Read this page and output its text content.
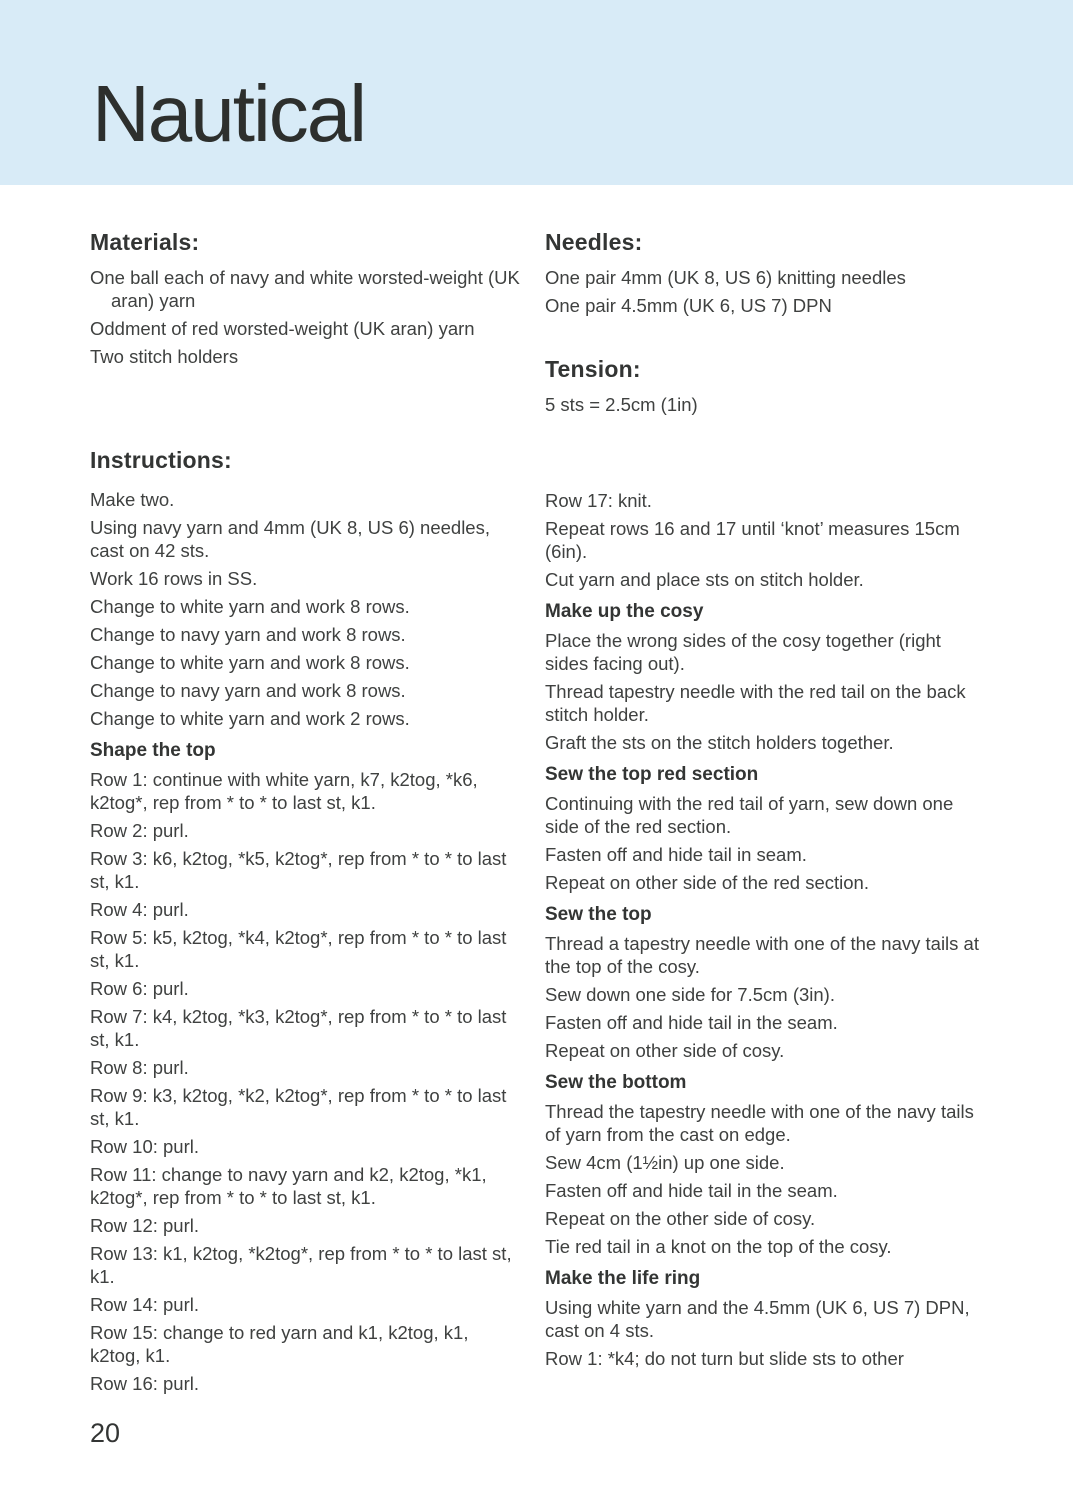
Nautical
Materials:

One ball each of navy and white worsted-weight (UK aran) yarn

Oddment of red worsted-weight (UK aran) yarn

Two stitch holders

Instructions:

Make two.

Using navy yarn and 4mm (UK 8, US 6) needles, cast on 42 sts.

Work 16 rows in SS.

Change to white yarn and work 8 rows.

Change to navy yarn and work 8 rows.

Change to white yarn and work 8 rows.

Change to navy yarn and work 8 rows.

Change to white yarn and work 2 rows.

Shape the top

Row 1: continue with white yarn, k7, k2tog, *k6, k2tog*, rep from * to * to last st, k1.

Row 2: purl.

Row 3: k6, k2tog, *k5, k2tog*, rep from * to * to last st, k1.

Row 4: purl.

Row 5: k5, k2tog, *k4, k2tog*, rep from * to * to last st, k1.

Row 6: purl.

Row 7: k4, k2tog, *k3, k2tog*, rep from * to * to last st, k1.

Row 8: purl.

Row 9: k3, k2tog, *k2, k2tog*, rep from * to * to last st, k1.

Row 10: purl.

Row 11: change to navy yarn and k2, k2tog, *k1, k2tog*, rep from * to * to last st, k1.

Row 12: purl.

Row 13: k1, k2tog, *k2tog*, rep from * to * to last st, k1.

Row 14: purl.

Row 15: change to red yarn and k1, k2tog, k1, k2tog, k1.

Row 16: purl.

Needles:

One pair 4mm (UK 8, US 6) knitting needles

One pair 4.5mm (UK 6, US 7) DPN

Tension:

5 sts = 2.5cm (1in)

Row 17: knit.

Repeat rows 16 and 17 until ‘knot’ measures 15cm (6in).

Cut yarn and place sts on stitch holder.

Make up the cosy

Place the wrong sides of the cosy together (right sides facing out).

Thread tapestry needle with the red tail on the back stitch holder.

Graft the sts on the stitch holders together.

Sew the top red section

Continuing with the red tail of yarn, sew down one side of the red section.

Fasten off and hide tail in seam.

Repeat on other side of the red section.

Sew the top

Thread a tapestry needle with one of the navy tails at the top of the cosy.

Sew down one side for 7.5cm (3in).

Fasten off and hide tail in the seam.

Repeat on other side of cosy.

Sew the bottom

Thread the tapestry needle with one of the navy tails of yarn from the cast on edge.

Sew 4cm (1½in) up one side.

Fasten off and hide tail in the seam.

Repeat on the other side of cosy.

Tie red tail in a knot on the top of the cosy.

Make the life ring

Using white yarn and the 4.5mm (UK 6, US 7) DPN, cast on 4 sts.

Row 1: *k4; do not turn but slide sts to other

20
